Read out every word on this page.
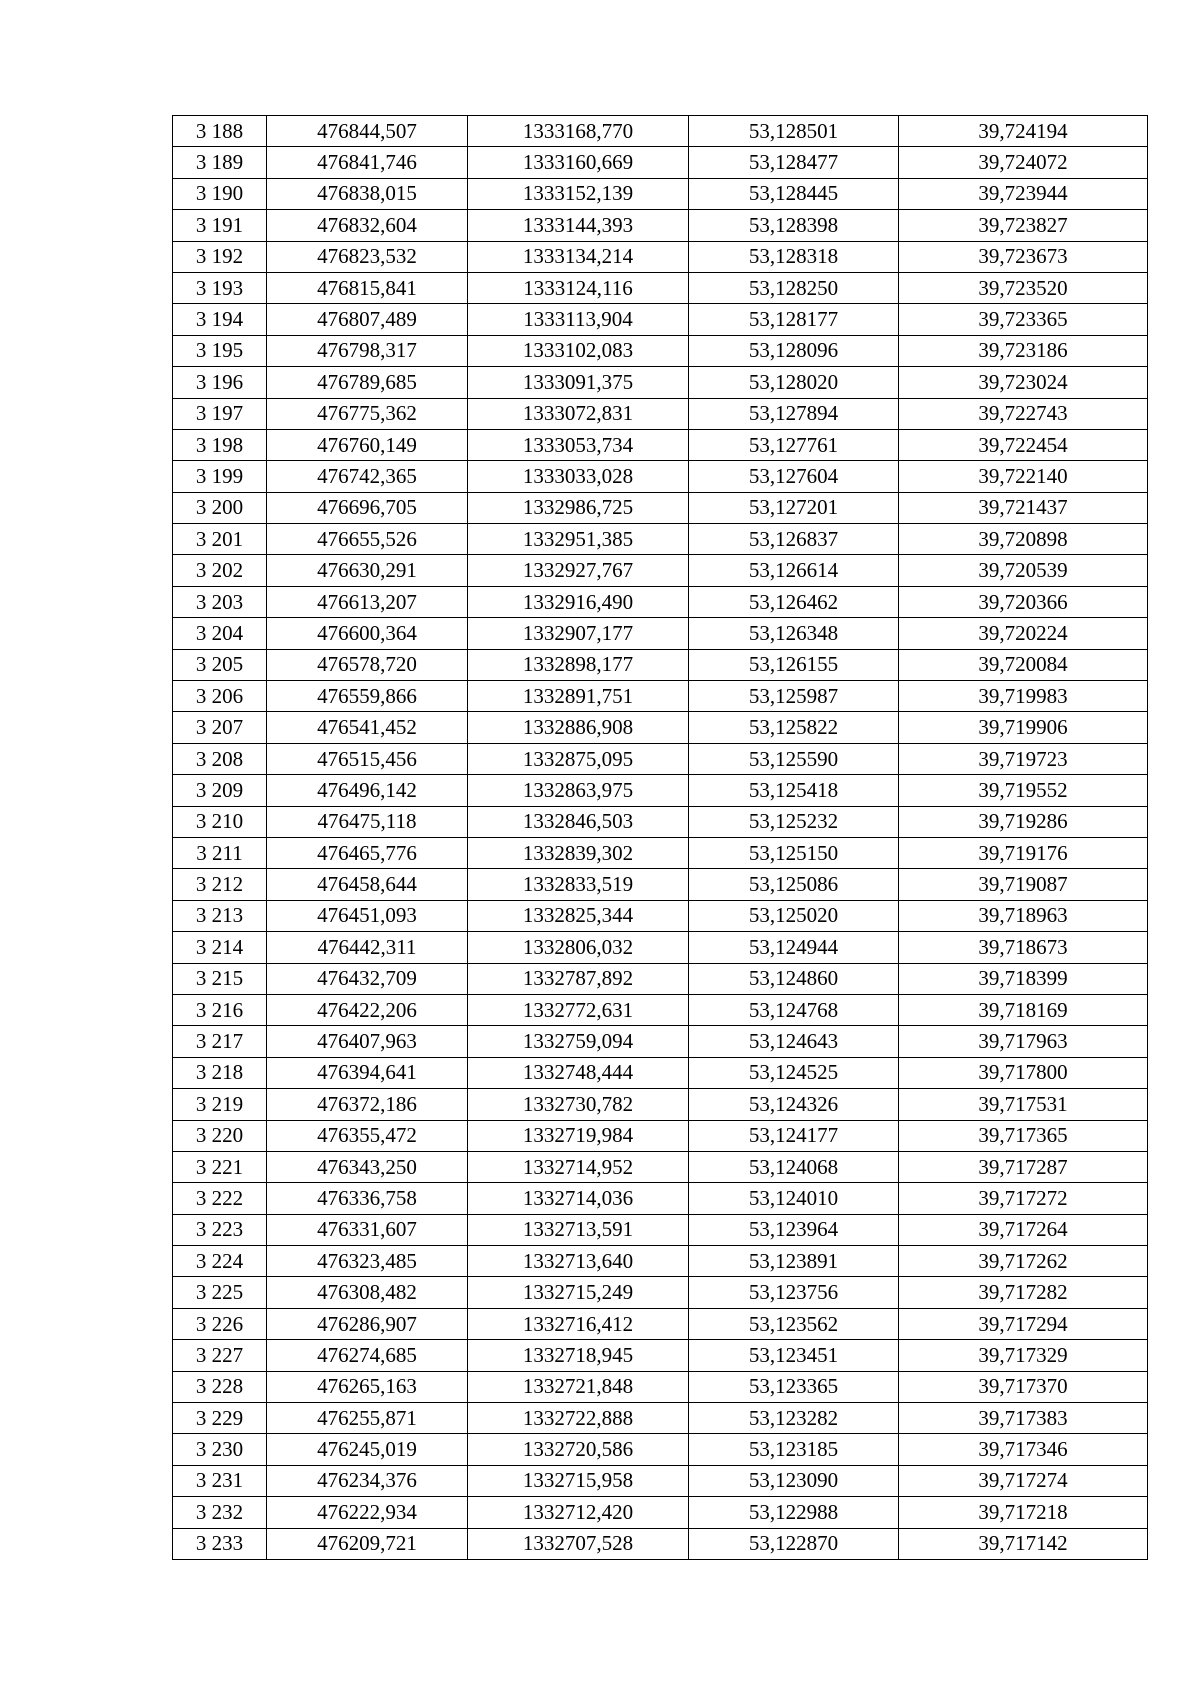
3 188	476844,507	1333168,770	53,128501	39,724194
3 189	476841,746	1333160,669	53,128477	39,724072
3 190	476838,015	1333152,139	53,128445	39,723944
3 191	476832,604	1333144,393	53,128398	39,723827
3 192	476823,532	1333134,214	53,128318	39,723673
3 193	476815,841	1333124,116	53,128250	39,723520
3 194	476807,489	1333113,904	53,128177	39,723365
3 195	476798,317	1333102,083	53,128096	39,723186
3 196	476789,685	1333091,375	53,128020	39,723024
3 197	476775,362	1333072,831	53,127894	39,722743
3 198	476760,149	1333053,734	53,127761	39,722454
3 199	476742,365	1333033,028	53,127604	39,722140
3 200	476696,705	1332986,725	53,127201	39,721437
3 201	476655,526	1332951,385	53,126837	39,720898
3 202	476630,291	1332927,767	53,126614	39,720539
3 203	476613,207	1332916,490	53,126462	39,720366
3 204	476600,364	1332907,177	53,126348	39,720224
3 205	476578,720	1332898,177	53,126155	39,720084
3 206	476559,866	1332891,751	53,125987	39,719983
3 207	476541,452	1332886,908	53,125822	39,719906
3 208	476515,456	1332875,095	53,125590	39,719723
3 209	476496,142	1332863,975	53,125418	39,719552
3 210	476475,118	1332846,503	53,125232	39,719286
3 211	476465,776	1332839,302	53,125150	39,719176
3 212	476458,644	1332833,519	53,125086	39,719087
3 213	476451,093	1332825,344	53,125020	39,718963
3 214	476442,311	1332806,032	53,124944	39,718673
3 215	476432,709	1332787,892	53,124860	39,718399
3 216	476422,206	1332772,631	53,124768	39,718169
3 217	476407,963	1332759,094	53,124643	39,717963
3 218	476394,641	1332748,444	53,124525	39,717800
3 219	476372,186	1332730,782	53,124326	39,717531
3 220	476355,472	1332719,984	53,124177	39,717365
3 221	476343,250	1332714,952	53,124068	39,717287
3 222	476336,758	1332714,036	53,124010	39,717272
3 223	476331,607	1332713,591	53,123964	39,717264
3 224	476323,485	1332713,640	53,123891	39,717262
3 225	476308,482	1332715,249	53,123756	39,717282
3 226	476286,907	1332716,412	53,123562	39,717294
3 227	476274,685	1332718,945	53,123451	39,717329
3 228	476265,163	1332721,848	53,123365	39,717370
3 229	476255,871	1332722,888	53,123282	39,717383
3 230	476245,019	1332720,586	53,123185	39,717346
3 231	476234,376	1332715,958	53,123090	39,717274
3 232	476222,934	1332712,420	53,122988	39,717218
3 233	476209,721	1332707,528	53,122870	39,717142
